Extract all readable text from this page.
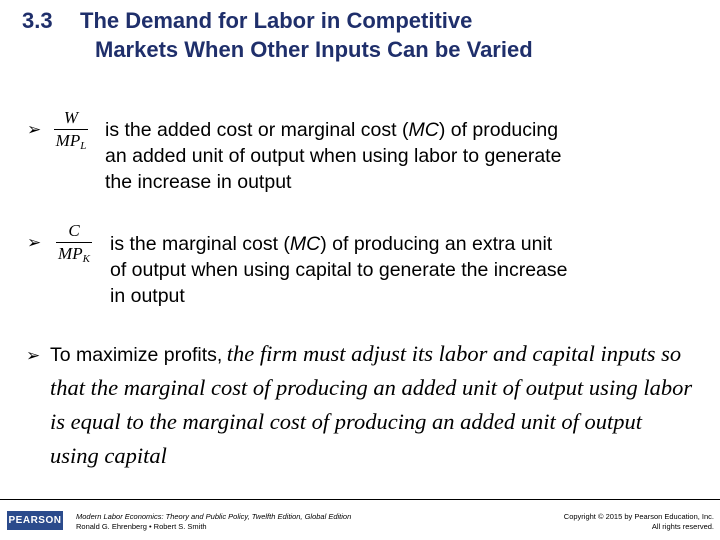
3.3 The Demand for Labor in Competitive
Markets When Other Inputs Can be Varied
➢
W
$MP_L$
is the added cost or marginal cost (MC) of producing
an added unit of output when using labor to generate
the increase in output
➢
C
$MP_K$
is the marginal cost (MC) of producing an extra unit
of output when using capital to generate the increase
in output

➢ To maximize profits, the firm must adjust its labor and capital inputs so that the marginal cost of producing an added unit of output using labor is equal to the marginal cost of producing an added unit of output using capital

PEARSON Modern Labor Economics: Theory and Public Policy, Twelfth Edition, Global Edition
Ronald G. Ehrenberg • Robert S. Smith
Copyright © 2015 by Pearson Education, Inc.
All rights reserved.
